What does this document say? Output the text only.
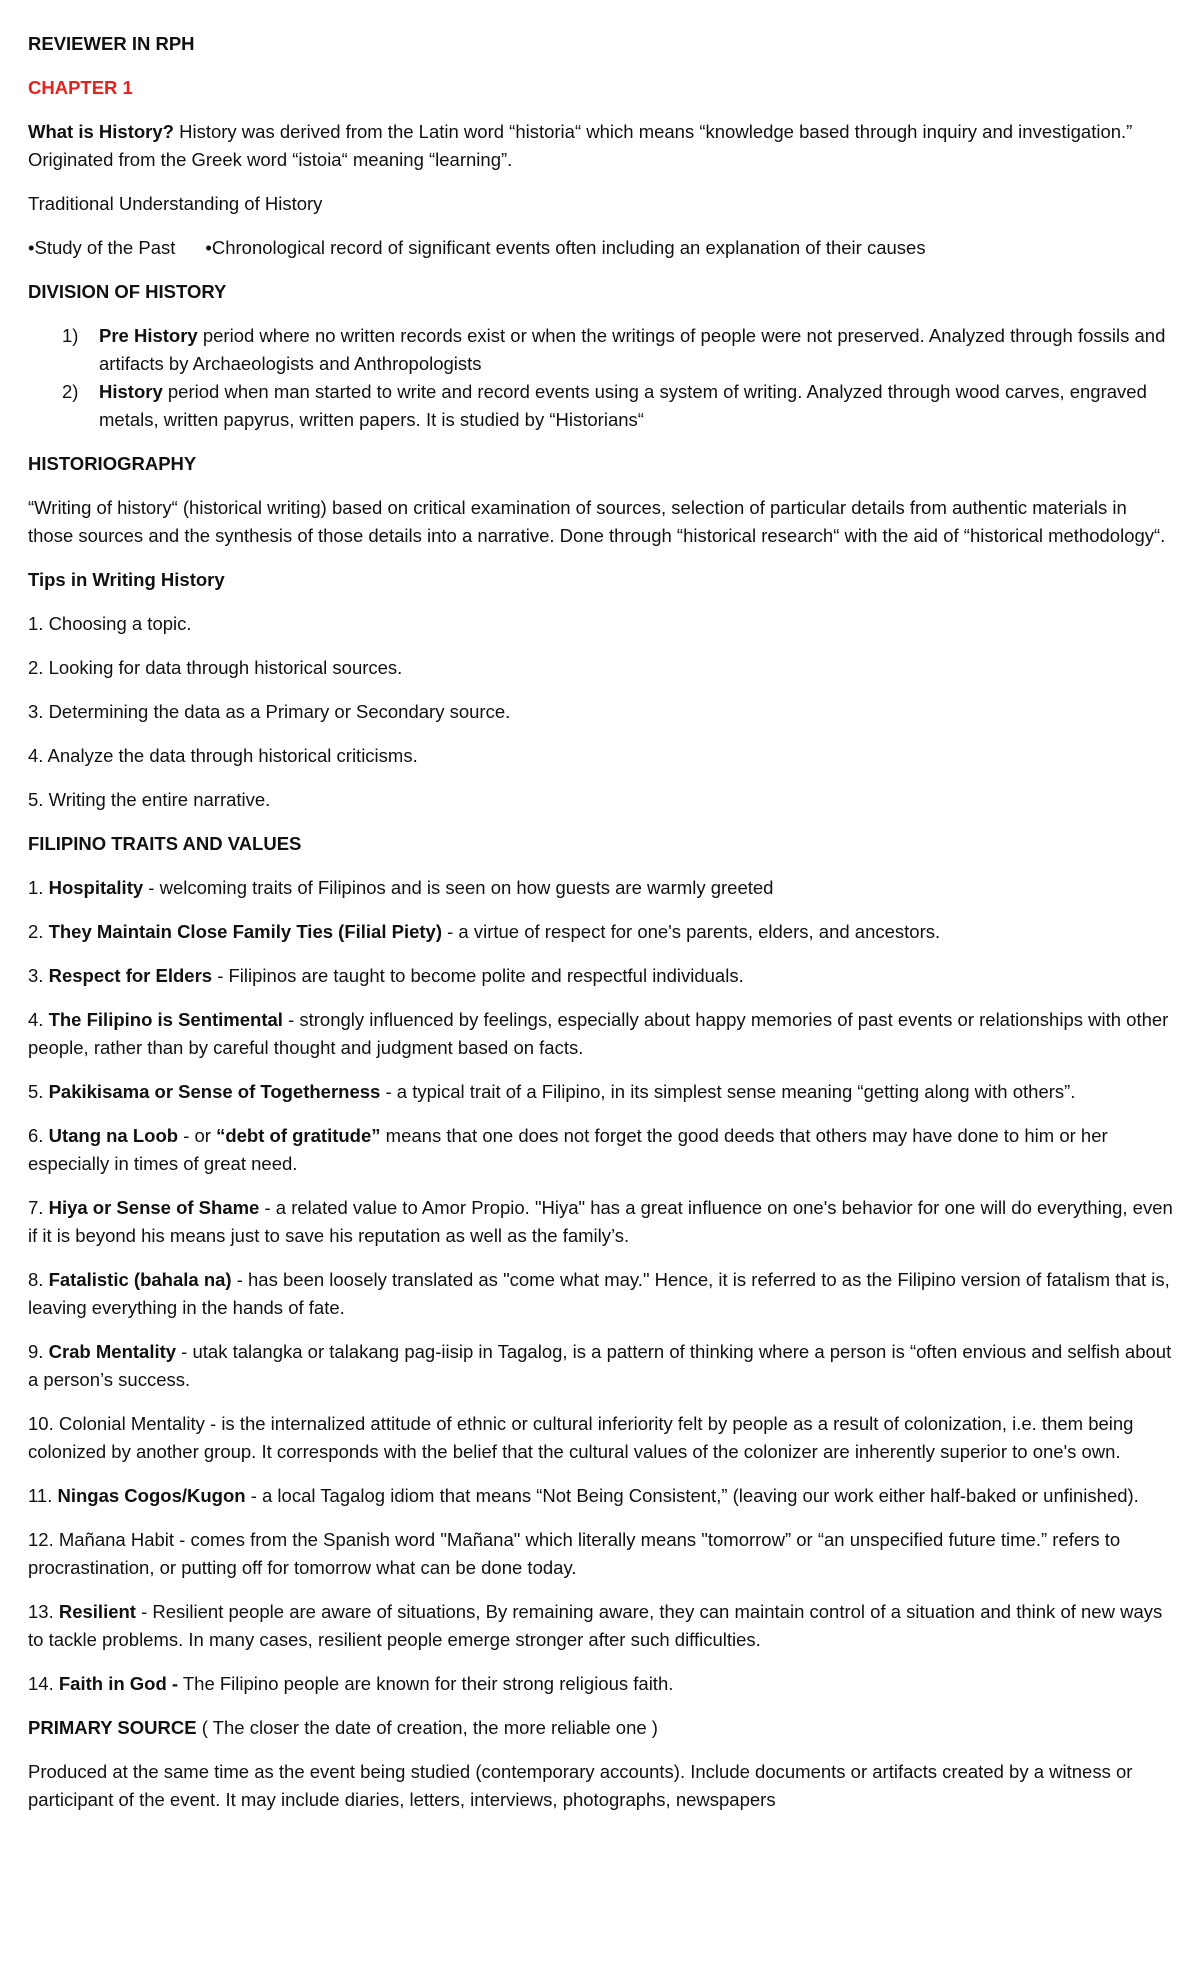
REVIEWER IN RPH

CHAPTER 1

What is History? History was derived from the Latin word “historia“ which means “knowledge based through inquiry and investigation.” Originated from the Greek word “istoia“ meaning “learning”.

Traditional Understanding of History

•Study of the Past •Chronological record of significant events often including an explanation of their causes

DIVISION OF HISTORY

1) Pre History period where no written records exist or when the writings of people were not preserved. Analyzed through fossils and artifacts by Archaeologists and Anthropologists
2) History period when man started to write and record events using a system of writing. Analyzed through wood carves, engraved metals, written papyrus, written papers. It is studied by “Historians“

HISTORIOGRAPHY

“Writing of history“ (historical writing) based on critical examination of sources, selection of particular details from authentic materials in those sources and the synthesis of those details into a narrative. Done through “historical research“ with the aid of “historical methodology“.

Tips in Writing History

1. Choosing a topic.

2. Looking for data through historical sources.

3. Determining the data as a Primary or Secondary source.

4. Analyze the data through historical criticisms.

5. Writing the entire narrative.

FILIPINO TRAITS AND VALUES

1. Hospitality - welcoming traits of Filipinos and is seen on how guests are warmly greeted

2. They Maintain Close Family Ties (Filial Piety) - a virtue of respect for one's parents, elders, and ancestors.

3. Respect for Elders - Filipinos are taught to become polite and respectful individuals.

4. The Filipino is Sentimental - strongly influenced by feelings, especially about happy memories of past events or relationships with other people, rather than by careful thought and judgment based on facts.

5. Pakikisama or Sense of Togetherness - a typical trait of a Filipino, in its simplest sense meaning “getting along with others”.

6. Utang na Loob - or “debt of gratitude” means that one does not forget the good deeds that others may have done to him or her especially in times of great need.

7. Hiya or Sense of Shame - a related value to Amor Propio. "Hiya" has a great influence on one's behavior for one will do everything, even if it is beyond his means just to save his reputation as well as the family’s.

8. Fatalistic (bahala na) - has been loosely translated as "come what may." Hence, it is referred to as the Filipino version of fatalism that is, leaving everything in the hands of fate.

9. Crab Mentality - utak talangka or talakang pag-iisip in Tagalog, is a pattern of thinking where a person is “often envious and selfish about a person’s success.

10. Colonial Mentality - is the internalized attitude of ethnic or cultural inferiority felt by people as a result of colonization, i.e. them being colonized by another group. It corresponds with the belief that the cultural values of the colonizer are inherently superior to one's own.

11. Ningas Cogos/Kugon - a local Tagalog idiom that means “Not Being Consistent,” (leaving our work either half-baked or unfinished).

12. Mañana Habit - comes from the Spanish word "Mañana" which literally means "tomorrow” or “an unspecified future time.” refers to procrastination, or putting off for tomorrow what can be done today.

13. Resilient - Resilient people are aware of situations, By remaining aware, they can maintain control of a situation and think of new ways to tackle problems. In many cases, resilient people emerge stronger after such difficulties.

14. Faith in God - The Filipino people are known for their strong religious faith.

PRIMARY SOURCE ( The closer the date of creation, the more reliable one )

Produced at the same time as the event being studied (contemporary accounts). Include documents or artifacts created by a witness or participant of the event. It may include diaries, letters, interviews, photographs, newspapers
